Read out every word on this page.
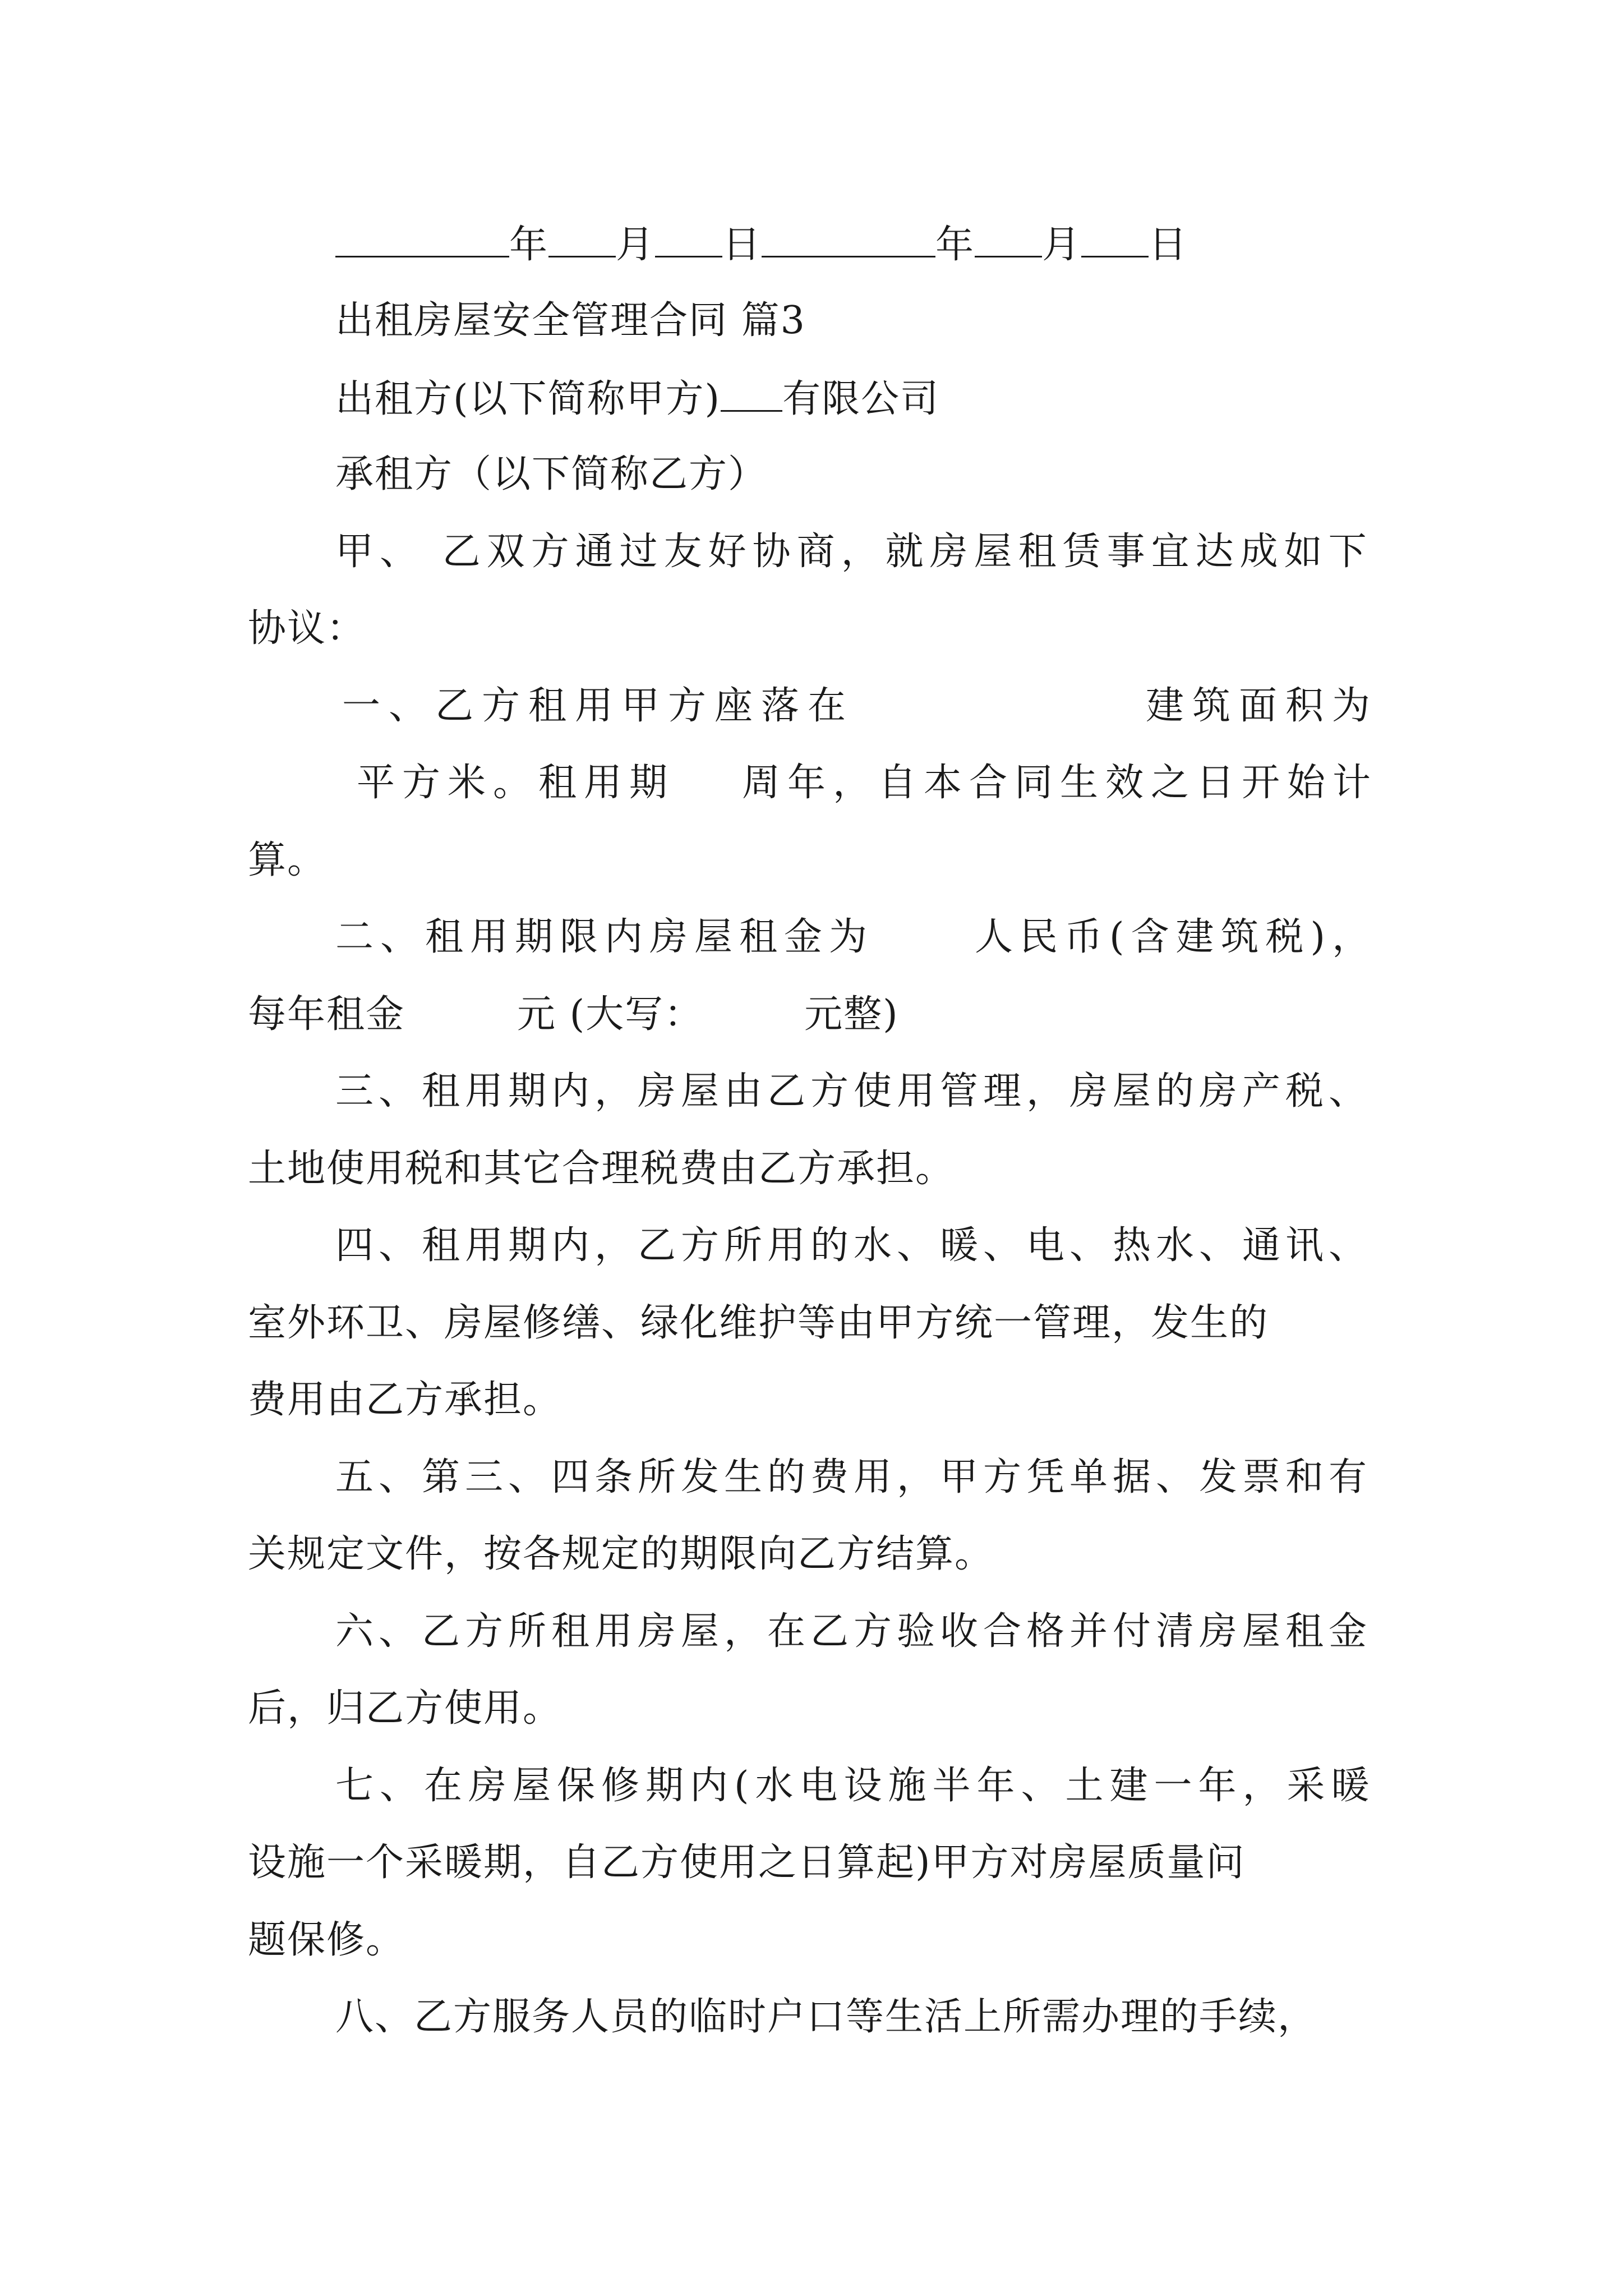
年 月 日	年 月 日
出租房屋安全管理合同 篇3
出租方(以下简称甲方) 有限公司
承租方（以下简称乙方）
甲、 乙双方通过友好协商，就房屋租赁事宜达成如下
协议：
一、乙方租用甲方座落在	建筑面积为
平方米。租用期 周年，自本合同生效之日开始计
算。
二、租用期限内房屋租金为	人民币(含建筑税)，
每年租金	元 (大写：	元整)
三、租用期内，房屋由乙方使用管理，房屋的房产税、
土地使用税和其它合理税费由乙方承担。
四、租用期内，乙方所用的水、暖、电、热水、通讯、
室外环卫、房屋修缮、绿化维护等由甲方统一管理，发生的
费用由乙方承担。
五、第三、四条所发生的费用，甲方凭单据、发票和有
关规定文件，按各规定的期限向乙方结算。
六、乙方所租用房屋，在乙方验收合格并付清房屋租金
后，归乙方使用。
七、在房屋保修期内(水电设施半年、土建一年，采暖
设施一个采暖期，自乙方使用之日算起)甲方对房屋质量问
题保修。
八、乙方服务人员的临时户口等生活上所需办理的手续，
